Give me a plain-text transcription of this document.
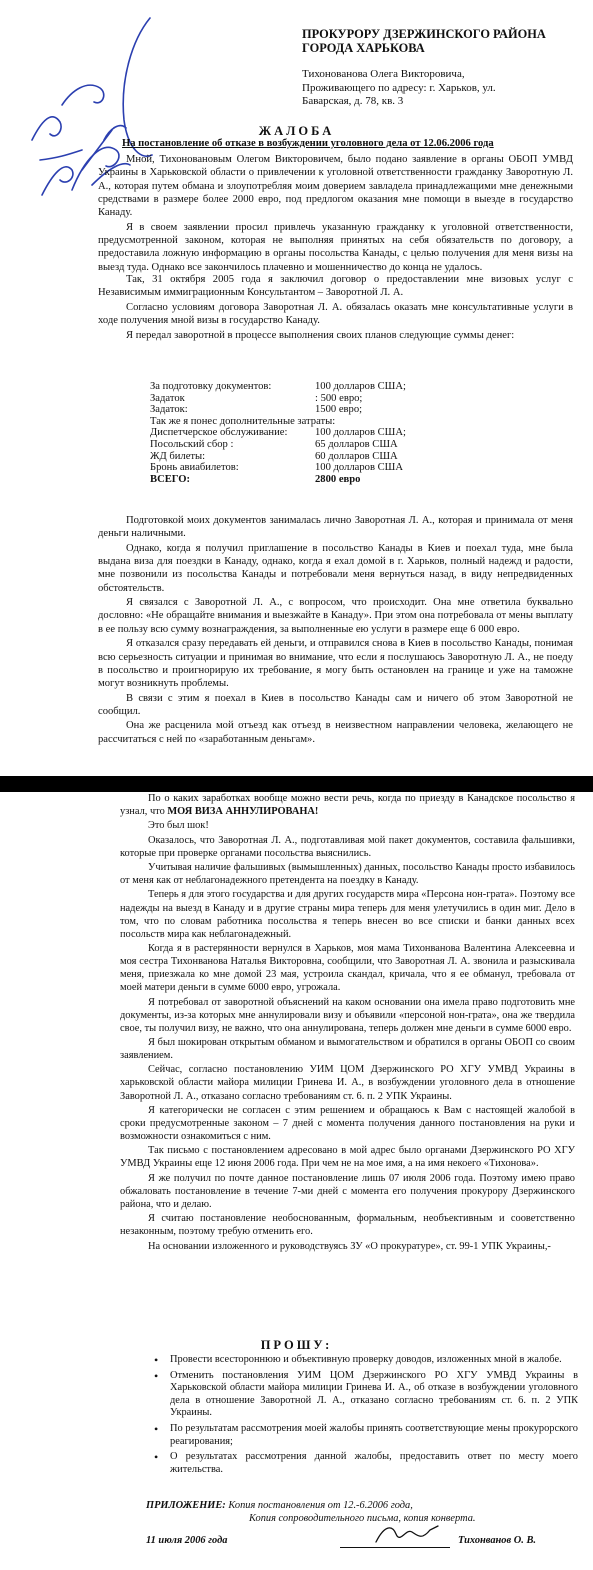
ПРОКУРОРУ ДЗЕРЖИНСКОГО РАЙОНА
ГОРОДА ХАРЬКОВА
Тихонованова Олега Викторовича,
Проживающего по адресу: г. Харьков, ул.
Баварская, д. 78, кв. 3
ЖАЛОБА
На постановление об отказе в возбуждении уголовного дела от 12.06.2006 года

Мной, Тихоновановым Олегом Викторовичем, было подано заявление в органы ОБОП УМВД Украины в Харьковской области о привлечении к уголовной ответственности гражданку Заворотную Л. А., которая путем обмана и злоупотребляя моим доверием завладела принадлежащими мне денежными средствами в размере более 2000 евро, под предлогом оказания мне помощи в выезде в государство Канаду.

Я в своем заявлении просил привлечь указанную гражданку к уголовной ответственности, предусмотренной законом, которая не выполняя принятых на себя обязательств по договору, а предоставила ложную информацию в органы посольства Канады, с целью получения для меня визы на выезд туда. Однако все закончилось плачевно и мошенничество до конца не удалось.

Так, 31 октября 2005 года я заключил договор о предоставлении мне визовых услуг с Независимым иммиграционным Консультантом – Заворотной Л. А.

Согласно условиям договора Заворотная Л. А. обязалась оказать мне консультативные услуги в ходе получения мной визы в государство Канаду.

Я передал заворотной в процессе выполнения своих планов следующие суммы денег:

За подготовку документов:	100 долларов США;
Задаток	: 500 евро;
Задаток:	1500 евро;
Так же я понес дополнительные затраты:
Диспетчерское обслуживание:	100 долларов США;
Посольский сбор :	65 долларов США
ЖД билеты:	60 долларов США
Бронь авиабилетов:	100 долларов США
ВСЕГО:	2800 евро

Подготовкой моих документов занималась лично Заворотная Л. А., которая и принимала от меня деньги наличными.

Однако, когда я получил приглашение в посольство Канады в Киев и поехал туда, мне была выдана виза для поездки в Канаду, однако, когда я ехал домой в г. Харьков, полный надежд и радости, мне позвонили из посольства Канады и потребовали меня вернуться назад, в виду непредвиденных обстоятельств.

Я связался с Заворотной Л. А., с вопросом, что происходит. Она мне ответила буквально дословно: «Не обращайте внимания и выезжайте в Канаду». При этом она потребовала от мены выплату в ее пользу всю сумму вознаграждения, за выполненные ею услуги в размере еще 6 000 евро.

Я отказался сразу передавать ей деньги, и отправился снова в Киев в посольство Канады, понимая всю серьезность ситуации и принимая во внимание, что если я послушаюсь Заворотную Л. А., не поеду в посольство и проигнорирую их требование, я могу быть остановлен на границе и уже на таможне могут возникнуть проблемы.

В связи с этим я поехал в Киев в посольство Канады сам и ничего об этом Заворотной не сообщил.

Она же расценила мой отъезд как отъезд в неизвестном направлении человека, желающего не рассчитаться с ней по «заработанным деньгам».

По о каких заработках вообще можно вести речь, когда по приезду в Канадское посольство я узнал, что МОЯ ВИЗА АННУЛИРОВАНА!

Это был шок!

Оказалось, что Заворотная Л. А., подготавливая мой пакет документов, составила фальшивки, которые при проверке органами посольства выяснились.

Учитывая наличие фальшивых (вымышленных) данных, посольство Канады просто избавилось от меня как от неблагонадежного претендента на поездку в Канаду.

Теперь я для этого государства и для других государств мира «Персона нон-грата». Поэтому все надежды на выезд в Канаду и в другие страны мира теперь для меня улетучились в один миг. Дело в том, что по словам работника посольства я теперь внесен во все списки и банки данных всех посольств мира как неблагонадежный.

Когда я в растерянности вернулся в Харьков, моя мама Тихонванова Валентина Алексеевна и моя сестра Тихонванова Наталья Викторовна, сообщили, что Заворотная Л. А. звонила и разыскивала меня, приезжала ко мне домой 23 мая, устроила скандал, кричала, что я ее обманул, требовала от моей матери деньги в сумме 6000 евро, угрожала.

Я потребовал от заворотной объяснений на каком основании она имела право подготовить мне документы, из-за которых мне аннулировали визу и объявили «персоной нон-грата», она же твердила свое, ты получил визу, не важно, что она аннулирована, теперь должен мне деньги в сумме 6000 евро.

Я был шокирован открытым обманом и вымогательством и обратился в органы ОБОП со своим заявлением.

Сейчас, согласно постановлению УИМ ЦОМ Дзержинского РО ХГУ УМВД Украины в харьковской области майора милиции Гринева И. А., в возбуждении уголовного дела в отношение Заворотной Л. А., отказано согласно требованиям ст. 6. п. 2 УПК Украины.

Я категорически не согласен с этим решением и обращаюсь к Вам с настоящей жалобой в сроки предусмотренные законом – 7 дней с момента получения данного постановления на руки и возможности ознакомиться с ним.

Так письмо с постановлением адресовано в мой адрес было органами Дзержинского РО ХГУ УМВД Украины еще 12 июня 2006 года. При чем не на мое имя, а на имя некоего «Тихонова».

Я же получил по почте данное постановление лишь 07 июля 2006 года. Поэтому имею право обжаловать постановление в течение 7-ми дней с момента его получения прокурору Дзержинского района, что и делаю.

Я считаю постановление необоснованным, формальным, необъективным и сооветственно незаконным, поэтому требую отменить его.

На основании изложенного и руководствуясь ЗУ «О прокуратуре», ст. 99-1 УПК Украины,-

ПРОШУ:
• Провести всестороннюю и объективную проверку доводов, изложенных мной в жалобе.
• Отменить постановления УИМ ЦОМ Дзержинского РО ХГУ УМВД Украины в Харьковской области майора милиции Гринева И. А., об отказе в возбуждении уголовного дела в отношение Заворотной Л. А., отказано согласно требованиям ст. 6. п. 2 УПК Украины.
• По результатам рассмотрения моей жалобы принять соответствующие мены прокурорского реагирования;
• О результатах рассмотрения данной жалобы, предоставить ответ по месту моего жительства.
ПРИЛОЖЕНИЕ: Копия постановления от 12.-6.2006 года,
Копия сопроводительного письма, копия конверта.
11 июля 2006 года	Тихонванов О. В.
